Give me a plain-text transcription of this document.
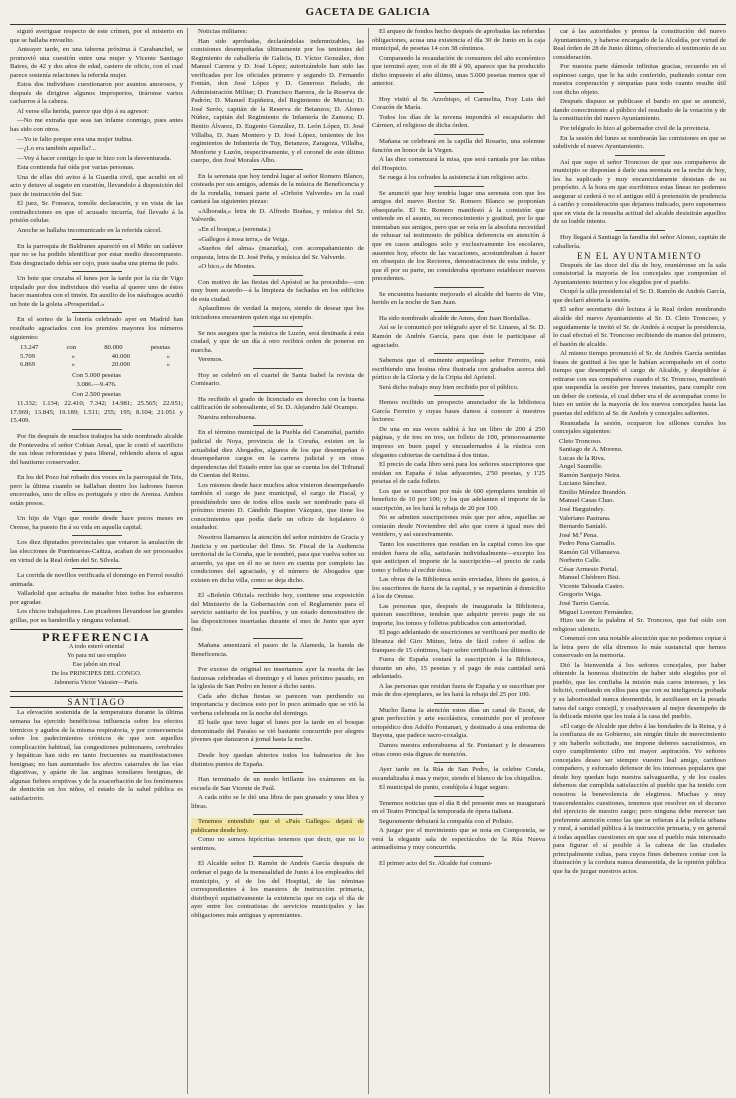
GACETA DE GALICIA

siguió averiguar respecto de este crímen, por el misterio en que se hallaba envuelto.

Anteayer tarde, en una taberna próxima á Carabanchel, se promovió una cuestión entre una mujer y Vicente Santiago Batres, de 42 y dos años de edad, castero de oficio, con el cual parece sostenía relaciones la referida mujer.

Estos dos individuos cuestionaron por asuntos amorosos, y después de dirigirse algunos improperios, tiráronse varios cacharros á la cabeza.

Al verse ella herida, parece que dijo á su agresor:

—No me extraña que seas tan infame conmigo, pues antes has sido con otros.

—Yo te falto porque eres una mujer indina.

—¿Lo era también aquella?...

—Voy á hacer contigo lo que te hizo con la desventurada.

Esta contienda fué oída por varias personas.

Una de ellas dió aviso á la Guardia civil, que acudió en el acto y detuvo al sugeto en cuestión, llevandolo á disposición del juez de instrucción del Sur.

El juez, Sr. Fonseca, tomóle declaración, y en vista de las contradicciones en que el acusado incurría, fué llevado á la prisión celular.

Anoche se hallaba incomunicado en la referida cárcel.

En la parroquia de Baldranes apareció en el Miño un cadáver que no se ha podido identificar por estar medio descompuesto. Este desgraciado debía ser cojo, pues usaba una pierna de palo.

Un bote que cruzaba el lunes por la tarde por la ría de Vigo tripulado por dos individuos dió vuelta al querer uno de éstos hacer maniobra con el timón. En auxilio de los náufragos acudió un bote de la goleta «Prosperidad.»

En el sorteo de la lotería celebrado ayer en Madrid han resultado agraciados con los premios mayores los números siguientes:

13.247	con	80.000	pesetas
5.709	»	40.000	»
6.869	»	20.000	»

Con 5.000 pesetas

3.086.—9.476.

Con 2.500 pesetas

11.332; 1.134; 22.410; 7.342; 14.981; 25.565; 22.951; 17.969; 13.845; 19.189; 1.511; 255; 195; 8.104; 21.051 y 15.409.

Por fin después de muchos trabajos ha sido nombrado alcalde de Pontevedra el señor Cobian Areal, que le costó el sacrificio de sus ideas reformistas y para liberal, reblendo ahora el agua del bautismo conservador.

En los del Pozo fué robado dos voces en la parroquial de Teis, pero la última cuando se hallaban dentro los ladrones fueron encerrados, uno de ellos es portugués y otro de Arenza. Ambos están presos.

Un hijo de Vigo que reside desde hace pocos meses en Orense, ha puesto fin á su vida en aquella capital.

Los diez diputados provinciales que votaron la anulación de las elecciones de Puenteareas-Cañiza, acaban de ser procesados en virtud de la Real órden del Sr. Silvela.

La corrida de novillos verificada el domingo en Ferrol resultó animada.

Valladolid que actuaba de matador hizo todos los esfuerzos por agradar.

Los chicos trabajadores. Los picadores llevandose las grandes grillas, por su banderilla y ninguna voluntad.

PREFERENCIA

A todo esteró oriental

Yo para mi uso empleo

Ese jabón sin rival

De los PRINCIPES DEL CONGO.

Jabonería Victor Vaissier—París.

SANTIAGO

La elevación sostenida de la temperatura durante la última semana ha ejercido benéficiosa influencia sobre los efectos térmicos y agudos de la misma respiratoria, y por consecuencia sobre los padecimientos crónicos de que son aquellos complicación habitual, las congestiones pulmonares, cerebrales y hepáticas han sido en tanto frecuentes su manifestaciones benignas; no han aumentado los afectos catarrales de las vías digestivas, y apárte de las anginas tonsilares benignas, de algunas fiebres eruptivas y de la exacerbación de los fenómenos de dentición en los niños, el estado de la salud pública es satisfactorio.

Noticias militares:

Han sido aprobadas, declarándolas indemnizables, las comisiones desempeñadas últimamente por los tenientes del Regimiento de caballería de Galicia, D. Víctor González, don Manuel Carrera y D. José López; autorizándole han sido las verificadas por los oficiales primero y segundo D. Fernando Fontán, don José López y D. Generoso Belado, de Administración Militar; D. Francisco Barrera, de la Reserva de Padrón; D. Manuel Espiñeira, del Regimiento de Murcia; D. José Seróo, capitán de la Reserva de Betanzos; D. Alonso Núñez, capitán del Regimiento de Infantería de Zamora; D. Benito Álvarez, D. Eugenio González, D. León López, D. José Villalba, D. Juan Montero y D. José López, tenientes de los regimientos de Infantería de Tuy, Betanzos, Zaragoza, Villalba, Monforte y Luzón, respectivamente, y el coronel de este último cuerpo, don José Morales Albo.

En la serenata que hoy tendrá lugar al señor Romero Blanco, costeada por sus amigos, además de la música de Beneficencia y de la rondalla, tomará parte el «Orfeón Valverde» en la cual cantará las siguientes piezas:

«Alborada,» letra de D. Alfredo Brañas, y música del Sr. Valverde.

«En el bosque,» (serenata.)

«Gallegos á nosa terra,» de Veiga.

«Sueños del alma» (mazurka), con acompañamiento de orquesta, letra de D. José Peña, y música del Sr. Valverde.

«O bico,» de Montes.

Con motivo de las fiestas del Apóstol se ha procedido—con muy buen acuerdo—á la limpieza de fachadas en los edificios de esta ciudad.

Aplaudimos de verdad la mejora, siendo de desear que los iniciadores encuentren quien siga su ejemplo.

Se nos asegura que la música de Luzón, será destinada á esta ciudad, y que de un día á otro recibirá orden de ponerse en marcha.

Veremos.

Hoy se celebró en el cuartel de Santa Isabel la revista de Comisario.

Ha recibido el grado de licenciado en derecho con la buena calificación de sobresaliente, el Sr. D. Alejandro Jalé Ocampo.

Nuestra enhorabuena.

En el término municipal de la Puebla del Caramiñal, partido judicial de Noya, provincia de la Coruña, existen en la actualidad diez Abogados, algunos de los que desempeñan ó desempeñaron cargos en la carrera judicial y en otras dependencias del Estado entre las que se cuenta los del Tribunal de Cuentas del Reino.

Los mismos desde hace muchos años vinieron desempeñando también el cargo de juez municipal, el cargo de Fiscal, y presidiéndolo uno de todos ellos suele ser nombrado para el próximo trienio D. Cándido Baspino Vázquez, que tiene los conocimientos que podía darle un oficio de hojalatero ó estañador.

Nosotros llamamos la atención del señor ministro de Gracia y Justicia y en particular del Ilmo. Sr. Fiscal de la Audiencia territorial de la Coruña, que le nombró, para que vuelva sobre su acuerdo, ya que en él no se tuvo en cuenta por completo las condiciones del agraciado, y el número de Abogados que existen en dicha villa, como se deja dicho.

El «Boletín Oficial» recibido hoy, contiene una exposición del Ministerio de la Gobernación con el Reglamento para el servicio sanitario de los pueblos, y un estado demostrativo de las disposiciones insertadas durante el mes de Junio que ayer finé.

Mañana amenizará el paseo de la Alameda, la banda de Beneficencia.

Por exceso de original no insertamos ayer la reseña de las fastuosas celebradas el domingo y el lunes próximo pasado, en la iglesia de San Pedro en honor á dicho santo.

Cada año dichas fiestas se parecen van perdiendo su importancia y decimos esto por lo poco animado que se vió la verbena celebrada en la noche del domingo.

El baile que tuvo lugar el lunes por la tarde en el bosque denominado del Paraíso se vió bastante concurrido por alegres jóvenes que danzaron á jornal hasta la noche.

Desde hoy quedan abiertos todos los balnearios de los distintos puntos de España.

Han terminado de un modo brillante los exámenes en la escuela de San Vicente de Paúl.

A cada niño se le dió una libra de pan granado y una libra y libras.

Tenemos entendido que el «País Gallego» dejará de publicarse desde hoy.

Como no somos hipócritas tenemos que decir, que no lo sentimos.

El Alcalde señor D. Ramón de Andrés García después de ordenar el pago de la mensualidad de Junio á los empleados del municipio, y el de los del Hospital, de las nóminas correspondientes á los maestros de instrucción primaria, distribuyó equitativamente la existencia que en caja el día de ayer entre los contratistas de servicios municipales y las obligaciones más antiguas y apremiantes.

El arqueo de fondos hecho después de aprobadas las referidas obligaciones, acusa una existencia el día 30 de Junio en la caja municipal, de pesetas 14 con 38 céntimos.

Comparando la recaudación de consumos del año económico que terminó ayer, con el de 89 á 90, aparece que ha producido dicho impuesto el año último, unas 5.000 pesetas menos que el anterior.

Hoy visitó al Sr. Arzobispo, el Carmelita, Fray Luis del Corazón de María.

Todos los días de la novena impondrá el escapulario del Cármen, el religioso de dicha órden.

Mañana se celebrará en la capilla del Rosario, una solemne función en honor de la Virgen.

A las diez comenzará la misa, que será cantada por las niñas del Hospicio.

Se ruega á los cofrades la asistencia á tan religioso acto.

Se anunció que hoy tendría lugar una serenata con que los amigos del nuevo Rector Sr. Romero Blanco se proponían obsequiarle. El Sr. Romero manifestó á la comisión que entiende en el asunto, su reconocimiento y gratitud, por lo que intentaban sus amigos, pero que se veía en la absoluta necesidad de rehusar tal testimonio de pública deferencia en atención á que en casos análogos solo y exclusivamente los escolares, ausentes hoy, efecto de las vacaciones, acostumbraban á hacer en obsequio de los Rectores, demostraciones de esta índole, y que él por su parte, no consideraba oportuno establecer nuevos precedentes.

Se encuentra bastante mejorado el alcalde del barrio de Vite, herido en la noche de San Juan.

Ha sido nombrado alcalde de Ames, don Juan Bordallas.

Así se le comunicó por telégrafo ayer el Sr. Linares, al Sr. D. Ramón de Andrés García, para que éste le participase al agraciado.

Sabemos que el eminente arqueólogo señor Ferreiro, está escribiendo una hosina obra ilustrada con grabados acerca del pórtico de la Gloria y de la Cripta del Apóstol.

Será dicho trabajo muy bien recibido por el público.

Hemos recibido un prospecto anunciador de la biblioteca García Ferreiro y cuyas bases damos á conocer á nuestros lectores:

De una en sus veces saldrá á luz un libro de 200 á 250 páginas, y de tres en tres, un folleto de 100, primorosamente impreso en buen papel y encuadernados á la rústica con elegantes cubiertas de cartulina á dos tintas.

El precio de cada libro será para los señores suscriptores que residan en España é islas adyacentes, 2'50 pesetas, y 1'25 pesetas el de cada folleto.

Los que se suscriban por más de 600 ejemplares tendrán el beneficio de 10 por 100; y los que adelanten el importe de la suscripción, se les hará la rebaja de 20 por 100.

No se admiten suscripciones más que por años, aquellas se contarán desde Noviembre del año que corre á igual mes del venidero, y así sucesivamente.

Tanto los suscritores que residan en la capital como los que residen fuera de ella, satisfarán individualmente—excepto los que anticipen el importe de la suscripción—el precio de cada tomo y folleto al recibir éstos.

Las obras de la Biblioteca serán enviadas, libres de gastos, á los suscritores de fuera de la capital, y se repartirán á domicilio á los de Orense.

Las personas que, después de inaugurada la Biblioteca, quieran suscribirse, tendrán que adquirir previo pago de su importe, los tomos y folletos publicados con anterioridad.

El pago adelantado de suscriciones se verificará por medio de libranza del Giro Mútuo, letra de fácil cobro ó sellos de franqueo de 15 céntimos, bajo sobre certificado los últimos.

Fuera de España costará la suscripción á la Biblioteca, durante un año, 15 pesetas y el pago de esta cantidad será adelantado.

A las personas que residan fuera de España y se suscriban por más de dos ejemplares, se les hará la rebaja del 25 por 100.

Mucho llama la atención estos días un canal de Esout, de gran perfección y arte escolástica, construido por el profesor ortopédico don Adolfo Pontanari, y destinado á una enferma de Bayona, que padece sacro-coxalgia.

Damos nuestra enhorabuena al Sr. Pontanari y le deseamos otras como esta dignas de mención.

Ayer tarde en la Rúa de San Pedro, la celebre Conda, escandalizaba á mas y mejor, siendo el blanco de los chiquillos.

El municipal de punto, condújola á lugar seguro.

Tenemos noticias que el día 8 del presente mes se inaugurará en el Teatro Principal la temporada de ópera italiana.

Seguramente debutará la compañía con el Poliuto.

A juzgar por el movimiento que se nota en Compostela, se verá la elegante sala de espectáculos de la Rúa Nueva animadísima y muy concurrida.

El primer acto del Sr. Alcalde fué comuni-

car á las autoridades y prensa la constitución del nuevo Ayuntamiento, y haberse encargado de la Alcaldía, por virtud de Real órden de 28 de Junio último, ofreciendo el testimonio de su consideración.

Por nuestra parte dámosle infinitas gracias, recuerdo en el espinoso cargo, que le ha sido conferido, pudiendo contar con nuestra cooperación y simpatías para todo cuanto resulte útil con dicho objeto.

Después dispuso se publicase el bando en que se anunció, dando conocimiento al público del resultado de la votación y de la constitución del nuevo Ayuntamiento.

Por telégrafo lo hizo al gobernador civil de la provincia.

En la sesión del lunes se nombrarán las comisiones en que se subdivide el nuevo Ayuntamiento.

Así que supo el señor Troncoso de que sus compañeros de municipio se disponían á darle una serenata en la noche de hoy, les ha suplicado y muy encarecidamente desistan de su propósito. A la hora en que escribimos estas líneas no podemos asegurar si cederá ó no el antiguo edil á pretensión de prudencia á cariño y consideración que dejamos indicado, pero suponemos que en vista de la resuelta actitud del alcalde desistirán aquellos de su loable intento.

Hoy llegará á Santiago la familia del señor Alonso, capitán de caballería.

EN EL AYUNTAMIENTO

Después de las doce del día de hoy, reuniéronse en la sala consistorial la mayoría de los concejales que componían el Ayuntamiento interino y los elegidos por el pueblo.

Ocupó la silla presidencial el Sr. D. Ramón de Andrés García, que declaró abierta la sesión.

El señor secretario dió lectura á la Real órden nombrando alcalde del nuevo Ayuntamiento al Sr. D. Cleto Troncoso, y seguidamente le invitó el Sr. de Andrés á ocupar la presidencia, lo cual efectuó el Sr. Troncoso recibiendo de manos del primero, el bastón de alcalde.

Al mismo tiempo pronunció el Sr. de Andrés García sentidas frases de gratitud á los que le habían acompañado en el corto tiempo que desempeñó el cargo de Alcalde, y despidióse á retirarse con sus compañeros cuando el Sr. Troncoso, manifestó que suspendía la sesión por breves instantes, para cumplir con un deber de cortesía, el cual deber era el de acompañar como lo hizo en unión de la mayoría de los nuevos concejales hasta las puertas del edificio al Sr. de Andrés y concejales salientes.

Reanudada la sesión, ocuparon los sillones curules los concejales siguientes:

Cleto Troncoso.

Santiago de A. Moreno.

Lucas de la Riva.

Angel Saumille.

Ramón Sanjurjo Neira.

Luciano Sánchez.

Emilio Méndez Brandón.

Manuel Casas Chao.

José Harguindey.

Valeriano Pastrana.

Bernardo Santaló.

José M.ª Pena.

Pedro Pena Gamallo.

Ramón Gil Villanueva.

Norberto Calle.

César Armesto Portal.

Manuel Chédrero Bisi.

Vicente Taboada Castro.

Gregorio Veiga.

José Tarrío García.

Miguel Lorenzo Fernández.

Hizo uso de la palabra el Sr. Troncoso, que fué oído con religioso silencio.

Comenzó con una notable alocución que no podemos copiar á la letra pero de ella diremos lo más sustancial que hemos conservado en la memoria.

Dió la bienvenida á los señores concejales, por haber obtenido la honrosa distinción de haber sido elegidos por el pueblo, que les confiaba la misión más caros intereses, y les felicitó, confiando en ellos para que con su inteligencia probada y su laboriosidad nunca desmentida, le auxiliasen en la pesada tarea del cargo concejil, y coadyuvasen al mejor desempeño de la delicada misión que les traía á la casa del pueblo.

«El cargo de Alcalde que debo á las bondades de la Reina, y á la confianza de su Gobierno, sin ningún título de merecimiento y sin haberlo solicitado, me impone deberes sacratísimos, en cuyo cumplimiento cifro mi mayor aspiración. Yo señores concejales deseo ser siempre vuestro leal amigo, cariñoso compañero, y esforzado defensor de los intereses populares que desde hoy quedan bajo nuestra salvaguardia, y de los cuales debemos dar cumplida satisfacción al pueblo que ha tenido con nosotros la benevolencia de elegirnos. Muchas y muy trascendentales cuestiones, tenemos que resolver en el decurso del ejercicio de nuestro cargo; pero ninguna debe merecer tan preferente atención como las que se refieran á la policía urbana y rural, á sanidad pública á la instrucción primaria, y en general á todas aquellas cuestiones en que sea el pueblo más interesado para figurar el sí posible á la cabeza de las ciudades principalmente cultas, para cuyos fines debemos contar con la ilustración y la cordura nunca desmentida, de la opinión pública que ha de juzgar nuestros actos.
